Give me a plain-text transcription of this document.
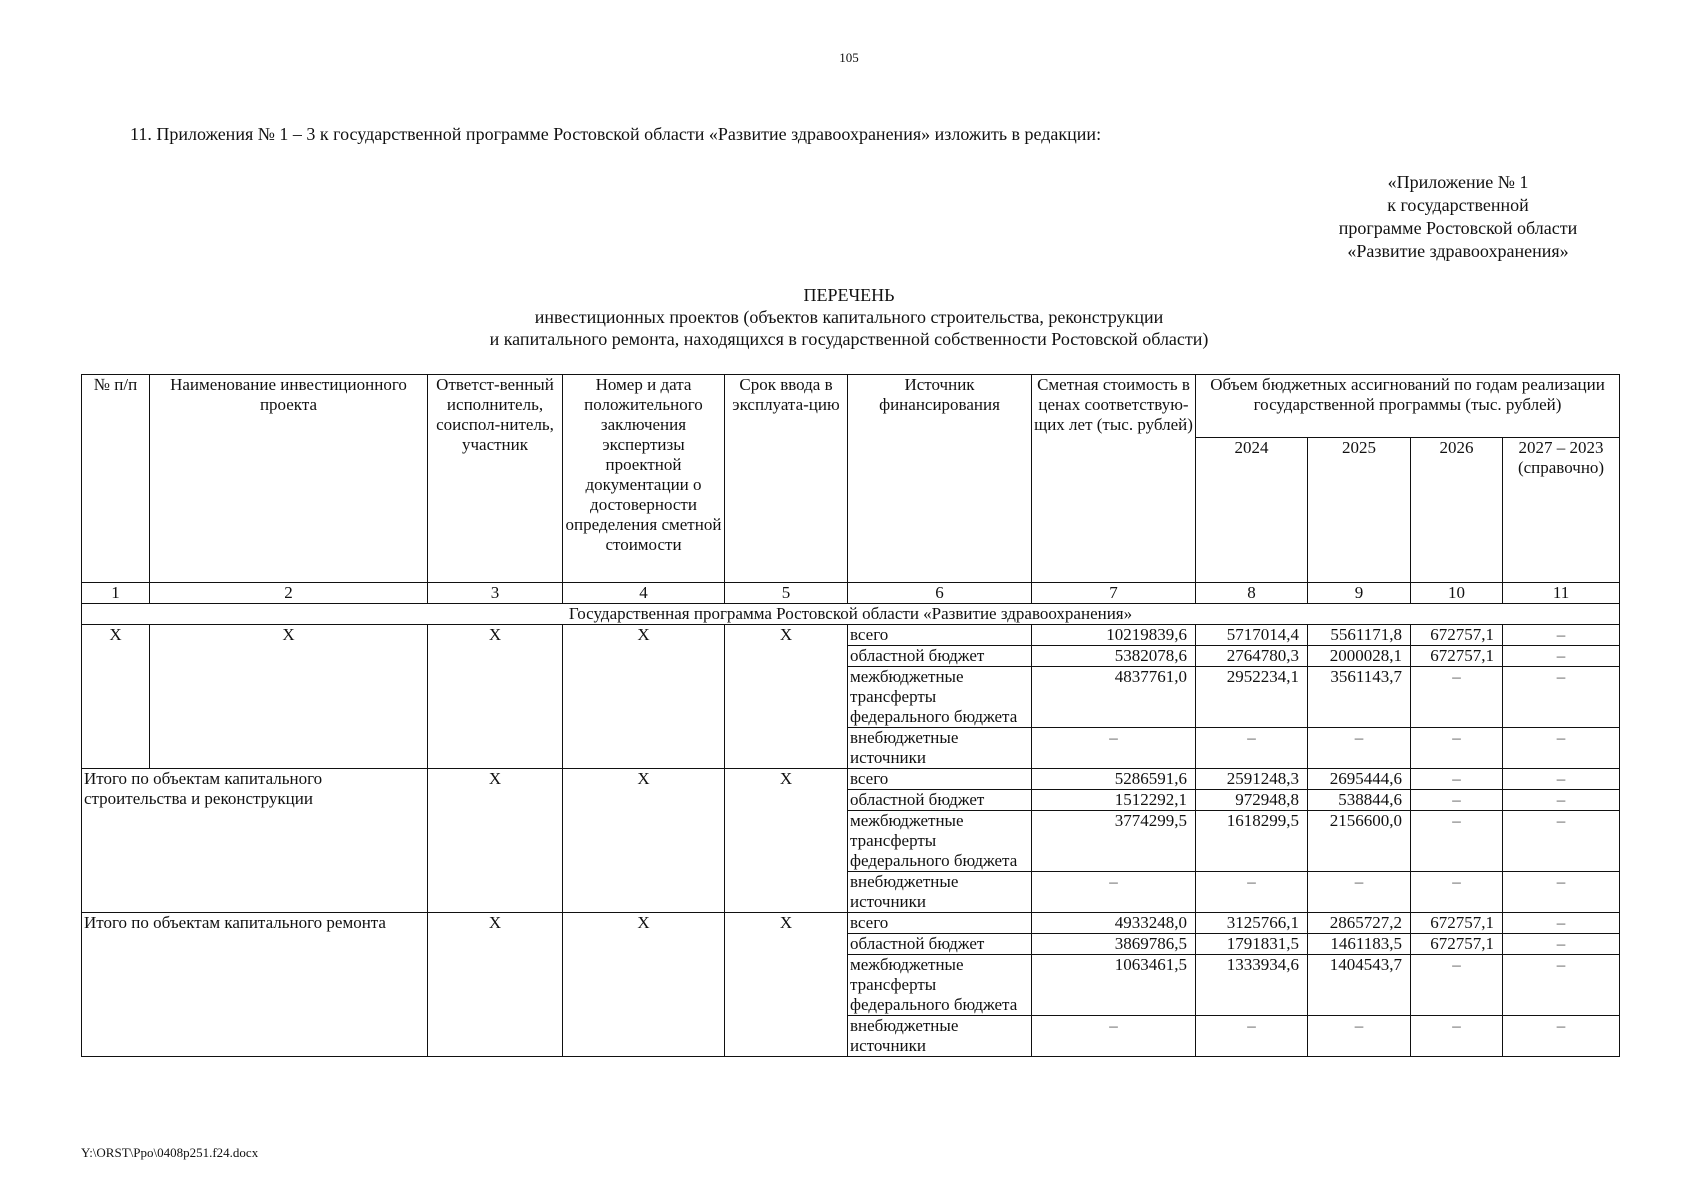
105
11. Приложения № 1 – 3 к государственной программе Ростовской области «Развитие здравоохранения» изложить в редакции:
«Приложение № 1
к государственной
программе Ростовской области
«Развитие здравоохранения»
ПЕРЕЧЕНЬ
инвестиционных проектов (объектов капитального строительства, реконструкции
и капитального ремонта, находящихся в государственной собственности Ростовской области)
№ п/п	Наименование инвестиционного проекта	Ответст-венный исполнитель, соиспол-нитель, участник	Номер и дата положительного заключения экспертизы проектной документации о достоверности определения сметной стоимости	Срок ввода в эксплуата-цию	Источник финансирования	Сметная стоимость в ценах соответствую-щих лет (тыс. рублей)	Объем бюджетных ассигнований по годам реализации государственной программы (тыс. рублей)			
							2024	2025	2026	2027 – 2023 (справочно)
1	2	3	4	5	6	7	8	9	10	11
Государственная программа Ростовской области «Развитие здравоохранения»										
X	X	X	X	X	всего	10219839,6	5717014,4	5561171,8	672757,1	–
					областной бюджет	5382078,6	2764780,3	2000028,1	672757,1	–
					межбюджетные трансферты федерального бюджета	4837761,0	2952234,1	3561143,7	–	–
					внебюджетные источники	–	–	–	–	–
Итого по объектам капитального строительства и реконструкции		X	X	X	всего	5286591,6	2591248,3	2695444,6	–	–
					областной бюджет	1512292,1	972948,8	538844,6	–	–
					межбюджетные трансферты федерального бюджета	3774299,5	1618299,5	2156600,0	–	–
					внебюджетные источники	–	–	–	–	–
Итого по объектам капитального ремонта		X	X	X	всего	4933248,0	3125766,1	2865727,2	672757,1	–
					областной бюджет	3869786,5	1791831,5	1461183,5	672757,1	–
					межбюджетные трансферты федерального бюджета	1063461,5	1333934,6	1404543,7	–	–
					внебюджетные источники	–	–	–	–	–
Y:\ORST\Ppo\0408p251.f24.docx
